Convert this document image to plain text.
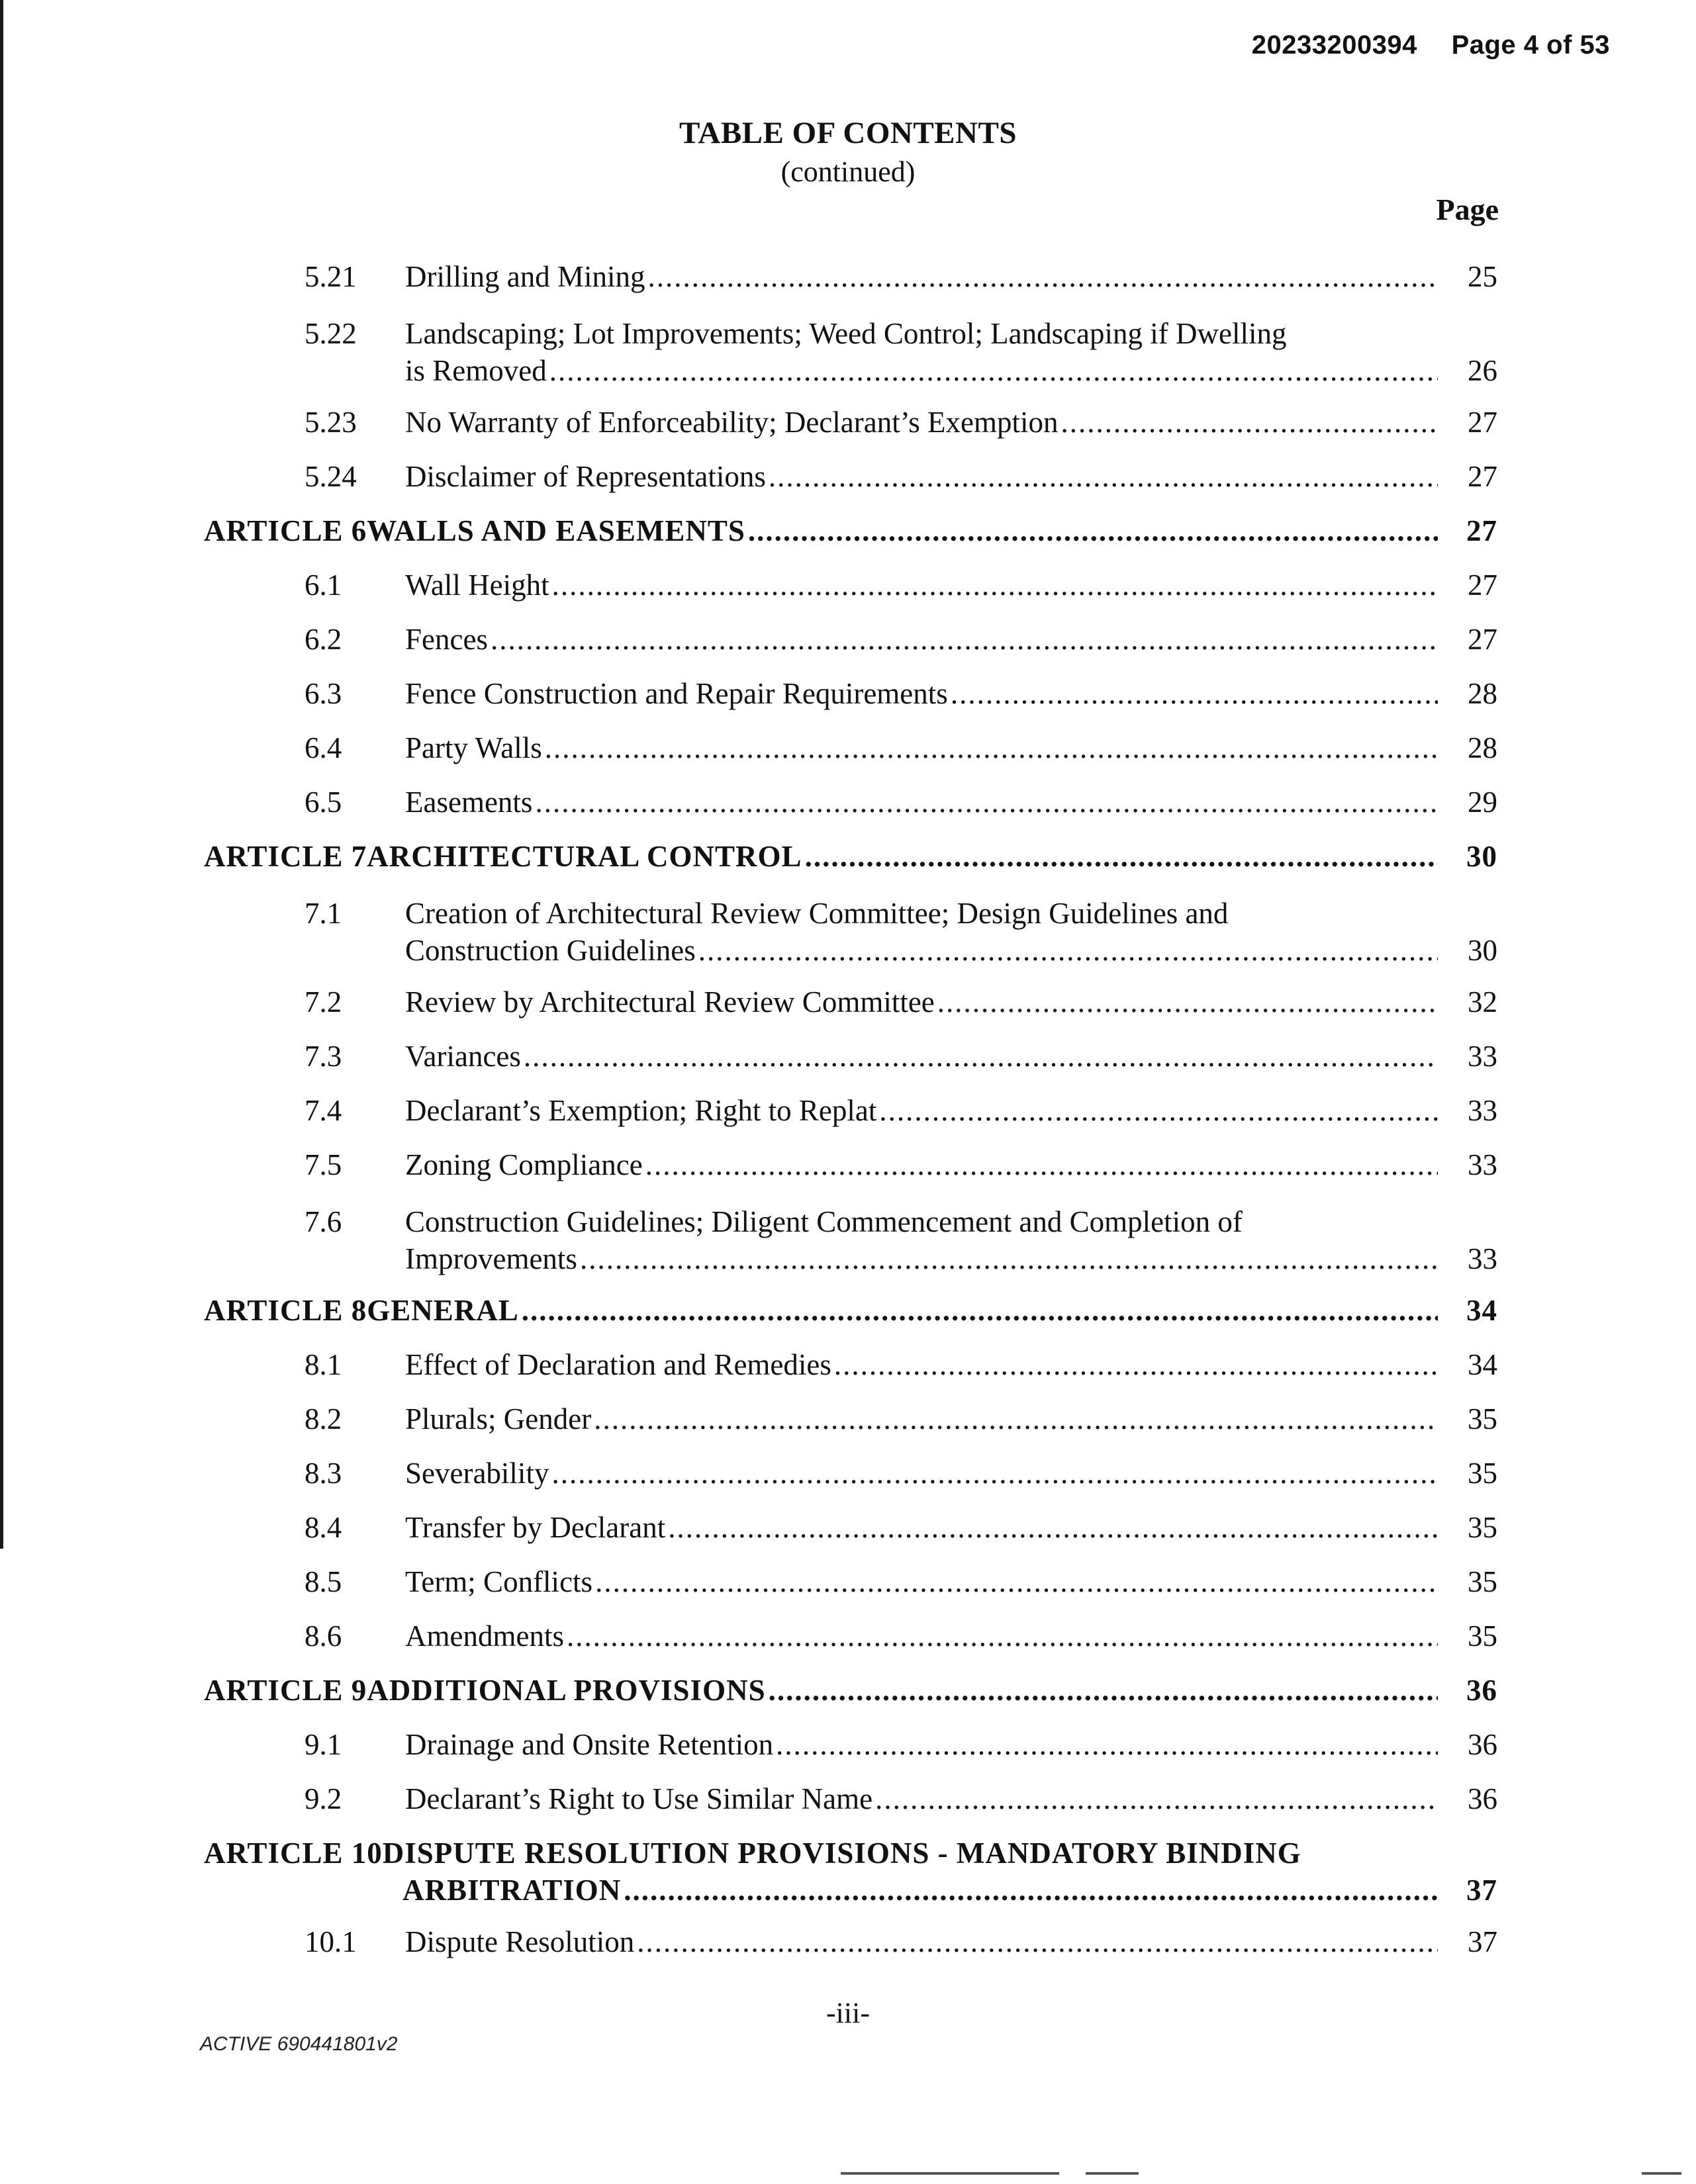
20233200394 Page 4 of 53
TABLE OF CONTENTS
(continued)
Page
5.21 Drilling and Mining .....	25
5.22 Landscaping; Lot Improvements; Weed Control; Landscaping if Dwelling

is Removed .....	26
5.23 No Warranty of Enforceability; Declarant’s Exemption .....	27
5.24 Disclaimer of Representations .....	27
ARTICLE 6 WALLS AND EASEMENTS .....	27
6.1 Wall Height .....	27
6.2 Fences .....	27
6.3 Fence Construction and Repair Requirements .....	28
6.4 Party Walls .....	28
6.5 Easements .....	29
ARTICLE 7 ARCHITECTURAL CONTROL .....	30
7.1 Creation of Architectural Review Committee; Design Guidelines and

Construction Guidelines .....	30
7.2 Review by Architectural Review Committee .....	32
7.3 Variances .....	33
7.4 Declarant’s Exemption; Right to Replat .....	33
7.5 Zoning Compliance .....	33
7.6 Construction Guidelines; Diligent Commencement and Completion of

Improvements .....	33
ARTICLE 8 GENERAL .....	34
8.1 Effect of Declaration and Remedies .....	34
8.2 Plurals; Gender .....	35
8.3 Severability .....	35
8.4 Transfer by Declarant .....	35
8.5 Term; Conflicts .....	35
8.6 Amendments .....	35
ARTICLE 9 ADDITIONAL PROVISIONS .....	36
9.1 Drainage and Onsite Retention .....	36
9.2 Declarant’s Right to Use Similar Name .....	36
ARTICLE 10 DISPUTE RESOLUTION PROVISIONS - MANDATORY BINDING
ARBITRATION .....	37
10.1 Dispute Resolution .....	37
-iii-
ACTIVE 690441801v2
